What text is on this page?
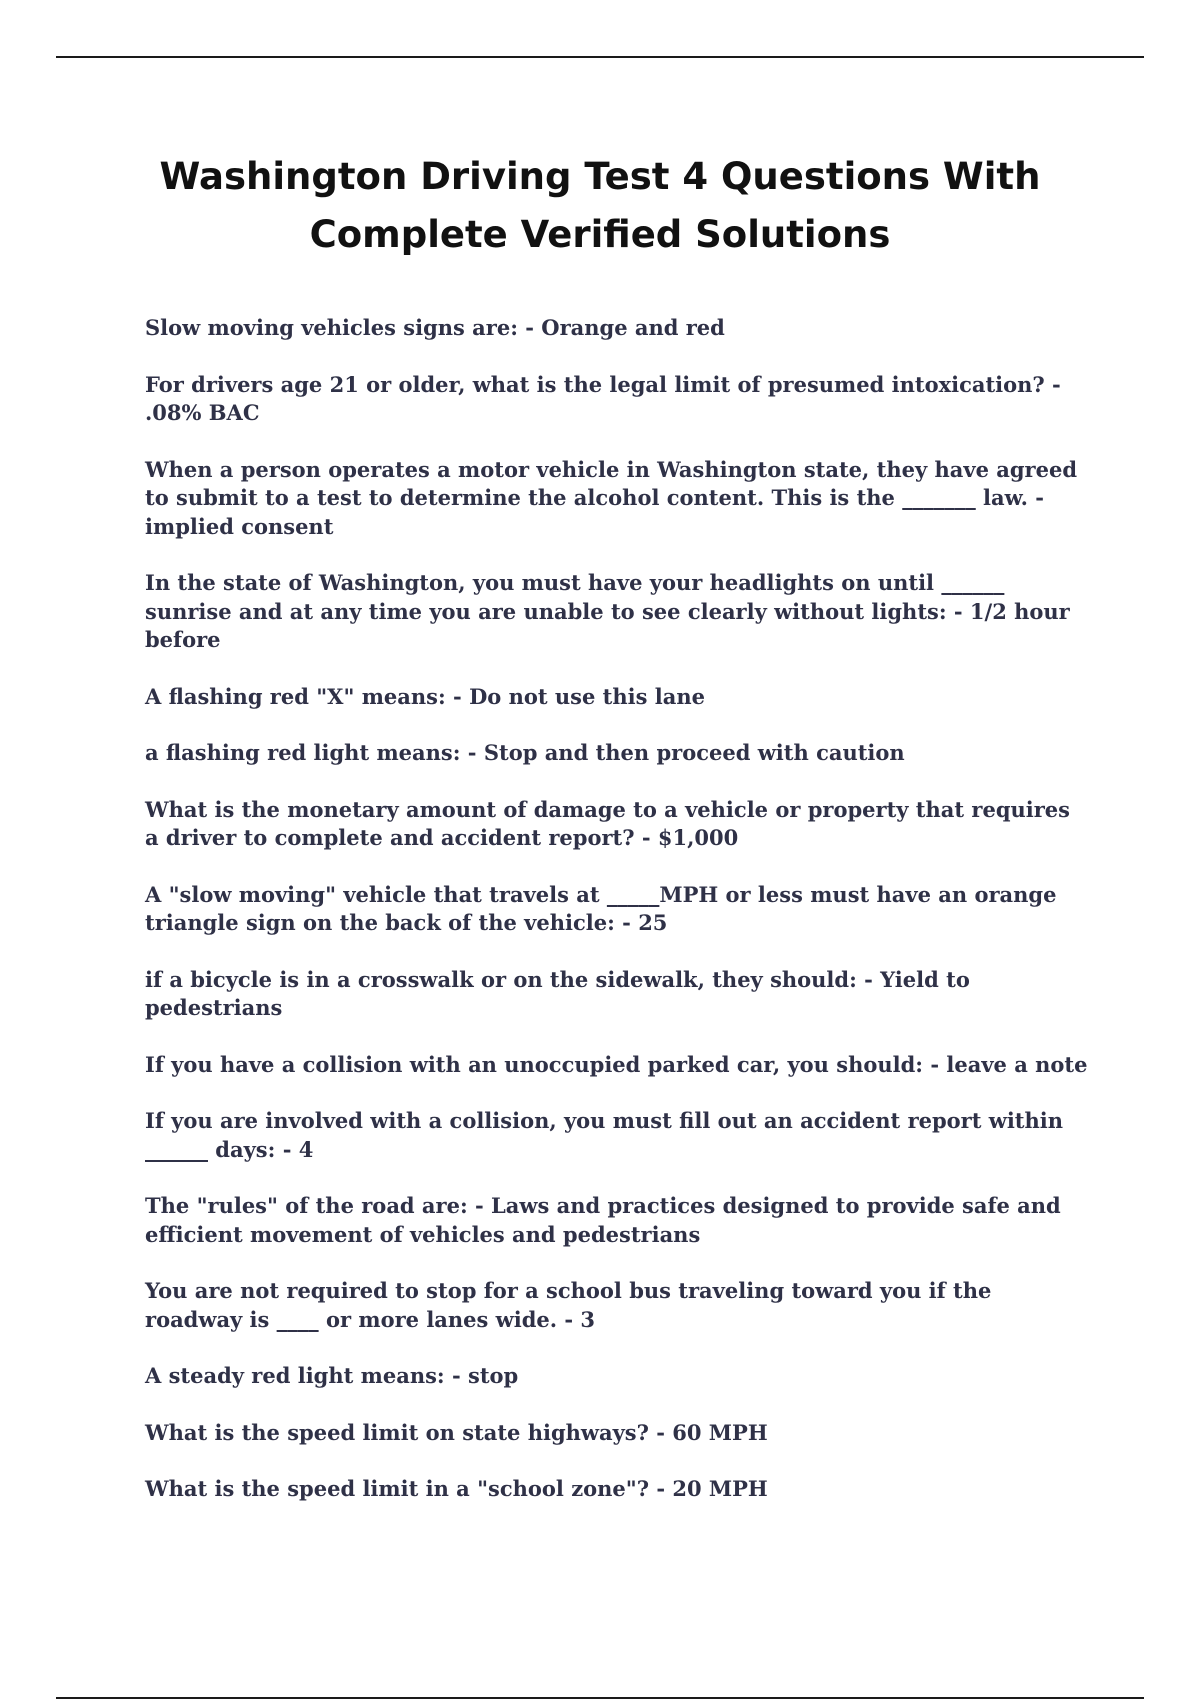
Washington Driving Test 4 Questions With
Complete Verified Solutions
Slow moving vehicles signs are: - Orange and red
For drivers age 21 or older, what is the legal limit of presumed intoxication? - .08% BAC
When a person operates a motor vehicle in Washington state, they have agreed to submit to a test to determine the alcohol content. This is the _______ law. - implied consent
In the state of Washington, you must have your headlights on until ______ sunrise and at any time you are unable to see clearly without lights: - 1/2 hour before
A flashing red "X" means: - Do not use this lane
a flashing red light means: - Stop and then proceed with caution
What is the monetary amount of damage to a vehicle or property that requires a driver to complete and accident report? - $1,000
A "slow moving" vehicle that travels at _____MPH or less must have an orange triangle sign on the back of the vehicle: - 25
if a bicycle is in a crosswalk or on the sidewalk, they should: - Yield to pedestrians
If you have a collision with an unoccupied parked car, you should: - leave a note
If you are involved with a collision, you must fill out an accident report within ______ days: - 4
The "rules" of the road are: - Laws and practices designed to provide safe and efficient movement of vehicles and pedestrians
You are not required to stop for a school bus traveling toward you if the roadway is ____ or more lanes wide. - 3
A steady red light means: - stop
What is the speed limit on state highways? - 60 MPH
What is the speed limit in a "school zone"? - 20 MPH
